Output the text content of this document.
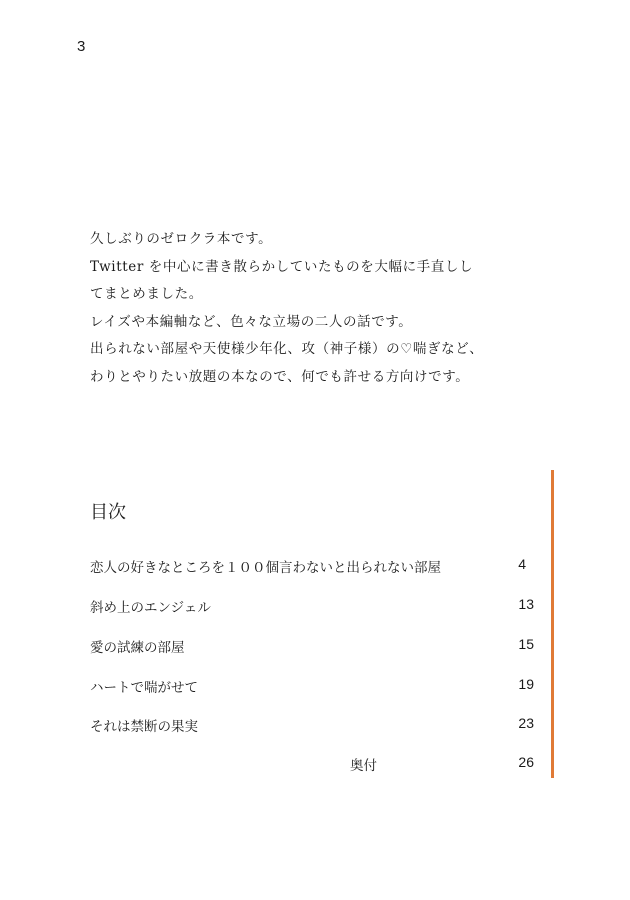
3
久しぶりのゼロクラ本です。
Twitter を中心に書き散らかしていたものを大幅に手直しし
てまとめました。
レイズや本編軸など、色々な立場の二人の話です。
出られない部屋や天使様少年化、攻（神子様）の♡喘ぎなど、
わりとやりたい放題の本なので、何でも許せる方向けです。
目次
恋人の好きなところを１００個言わないと出られない部屋	4
斜め上のエンジェル	13
愛の試練の部屋	15
ハートで喘がせて	19
それは禁断の果実	23
奥付	26
